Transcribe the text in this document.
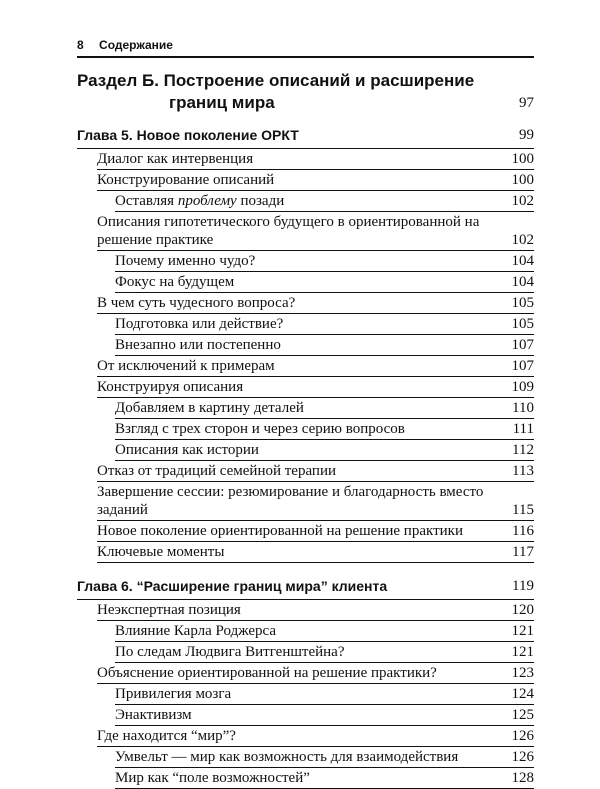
8 Содержание
Раздел Б. Построение описаний и расширение
границ мира	97
Глава 5. Новое поколение ОРКТ	99
Диалог как интервенция	100
Конструирование описаний	100
Оставляя проблему позади	102
Описания гипотетического будущего в ориентированной на решение практике	102
Почему именно чудо?	104
Фокус на будущем	104
В чем суть чудесного вопроса?	105
Подготовка или действие?	105
Внезапно или постепенно	107
От исключений к примерам	107
Конструируя описания	109
Добавляем в картину деталей	110
Взгляд с трех сторон и через серию вопросов	111
Описания как истории	112
Отказ от традиций семейной терапии	113
Завершение сессии: резюмирование и благодарность вместо заданий	115
Новое поколение ориентированной на решение практики	116
Ключевые моменты	117
Глава 6. “Расширение границ мира” клиента	119
Неэкспертная позиция	120
Влияние Карла Роджерса	121
По следам Людвига Витгенштейна?	121
Объяснение ориентированной на решение практики?	123
Привилегия мозга	124
Энактивизм	125
Где находится “мир”?	126
Умвельт — мир как возможность для взаимодействия	126
Мир как “поле возможностей”	128
